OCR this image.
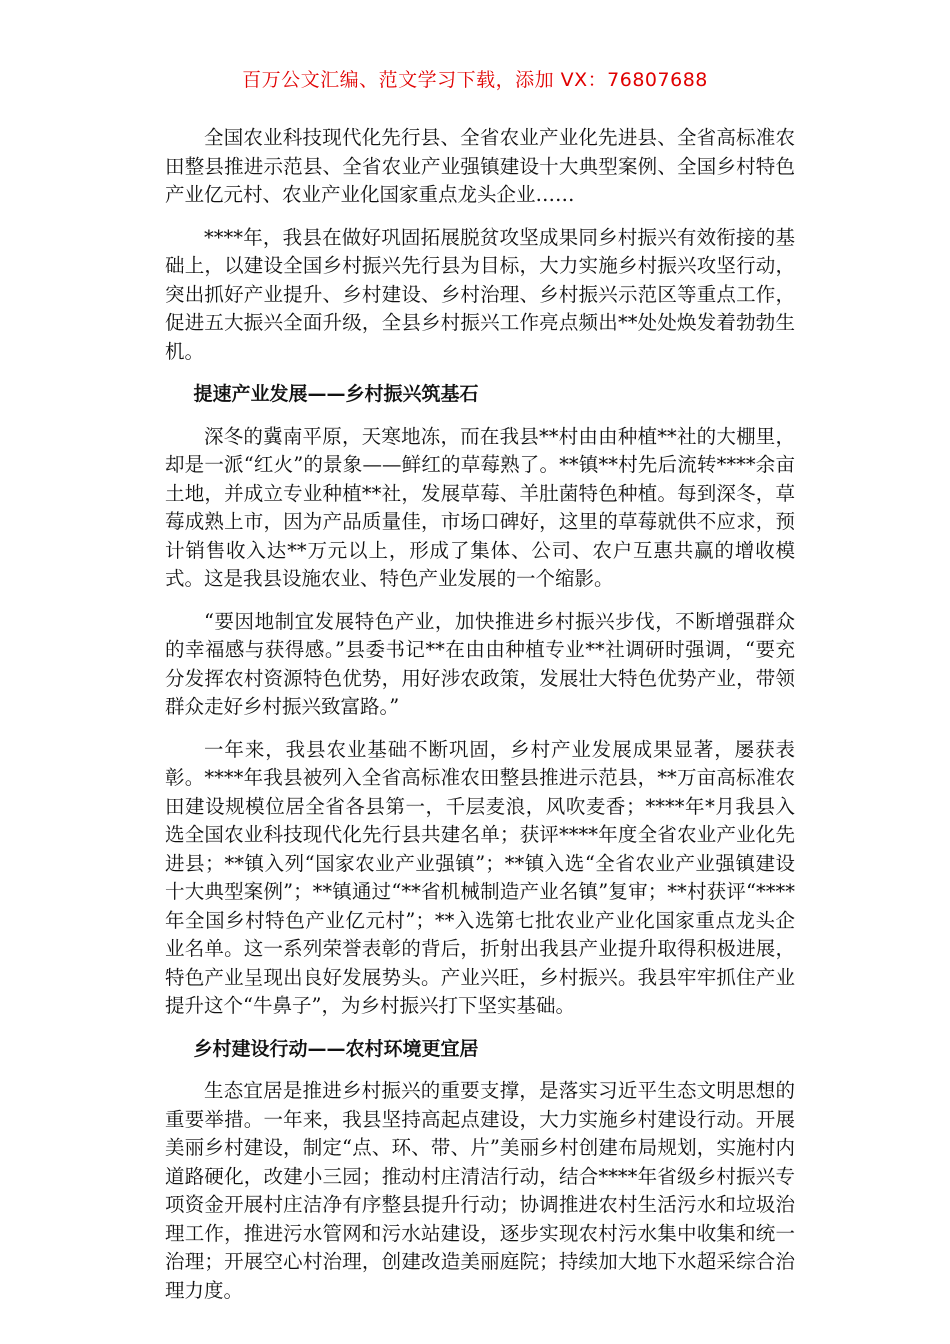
百万公文汇编、范文学习下载，添加 VX：76807688

全国农业科技现代化先行县、全省农业产业化先进县、全省高标准农田整县推进示范县、全省农业产业强镇建设十大典型案例、全国乡村特色产业亿元村、农业产业化国家重点龙头企业……

****年，我县在做好巩固拓展脱贫攻坚成果同乡村振兴有效衔接的基础上，以建设全国乡村振兴先行县为目标，大力实施乡村振兴攻坚行动，突出抓好产业提升、乡村建设、乡村治理、乡村振兴示范区等重点工作，促进五大振兴全面升级，全县乡村振兴工作亮点频出**处处焕发着勃勃生机。

提速产业发展——乡村振兴筑基石

深冬的冀南平原，天寒地冻，而在我县**村由由种植**社的大棚里，却是一派“红火”的景象——鲜红的草莓熟了。**镇**村先后流转****余亩土地，并成立专业种植**社，发展草莓、羊肚菌特色种植。每到深冬，草莓成熟上市，因为产品质量佳，市场口碑好，这里的草莓就供不应求，预计销售收入达**万元以上，形成了集体、公司、农户互惠共赢的增收模式。这是我县设施农业、特色产业发展的一个缩影。

“要因地制宜发展特色产业，加快推进乡村振兴步伐，不断增强群众的幸福感与获得感。”县委书记**在由由种植专业**社调研时强调，“要充分发挥农村资源特色优势，用好涉农政策，发展壮大特色优势产业，带领群众走好乡村振兴致富路。”

一年来，我县农业基础不断巩固，乡村产业发展成果显著，屡获表彰。****年我县被列入全省高标准农田整县推进示范县，**万亩高标准农田建设规模位居全省各县第一，千层麦浪，风吹麦香；****年*月我县入选全国农业科技现代化先行县共建名单；获评****年度全省农业产业化先进县；**镇入列“国家农业产业强镇”；**镇入选“全省农业产业强镇建设十大典型案例”；**镇通过“**省机械制造产业名镇”复审；**村获评“****年全国乡村特色产业亿元村”；**入选第七批农业产业化国家重点龙头企业名单。这一系列荣誉表彰的背后，折射出我县产业提升取得积极进展，特色产业呈现出良好发展势头。产业兴旺，乡村振兴。我县牢牢抓住产业提升这个“牛鼻子”，为乡村振兴打下坚实基础。

乡村建设行动——农村环境更宜居

生态宜居是推进乡村振兴的重要支撑，是落实习近平生态文明思想的重要举措。一年来，我县坚持高起点建设，大力实施乡村建设行动。开展美丽乡村建设，制定“点、环、带、片”美丽乡村创建布局规划，实施村内道路硬化，改建小三园；推动村庄清洁行动，结合****年省级乡村振兴专项资金开展村庄洁净有序整县提升行动；协调推进农村生活污水和垃圾治理工作，推进污水管网和污水站建设，逐步实现农村污水集中收集和统一治理；开展空心村治理，创建改造美丽庭院；持续加大地下水超采综合治理力度。
